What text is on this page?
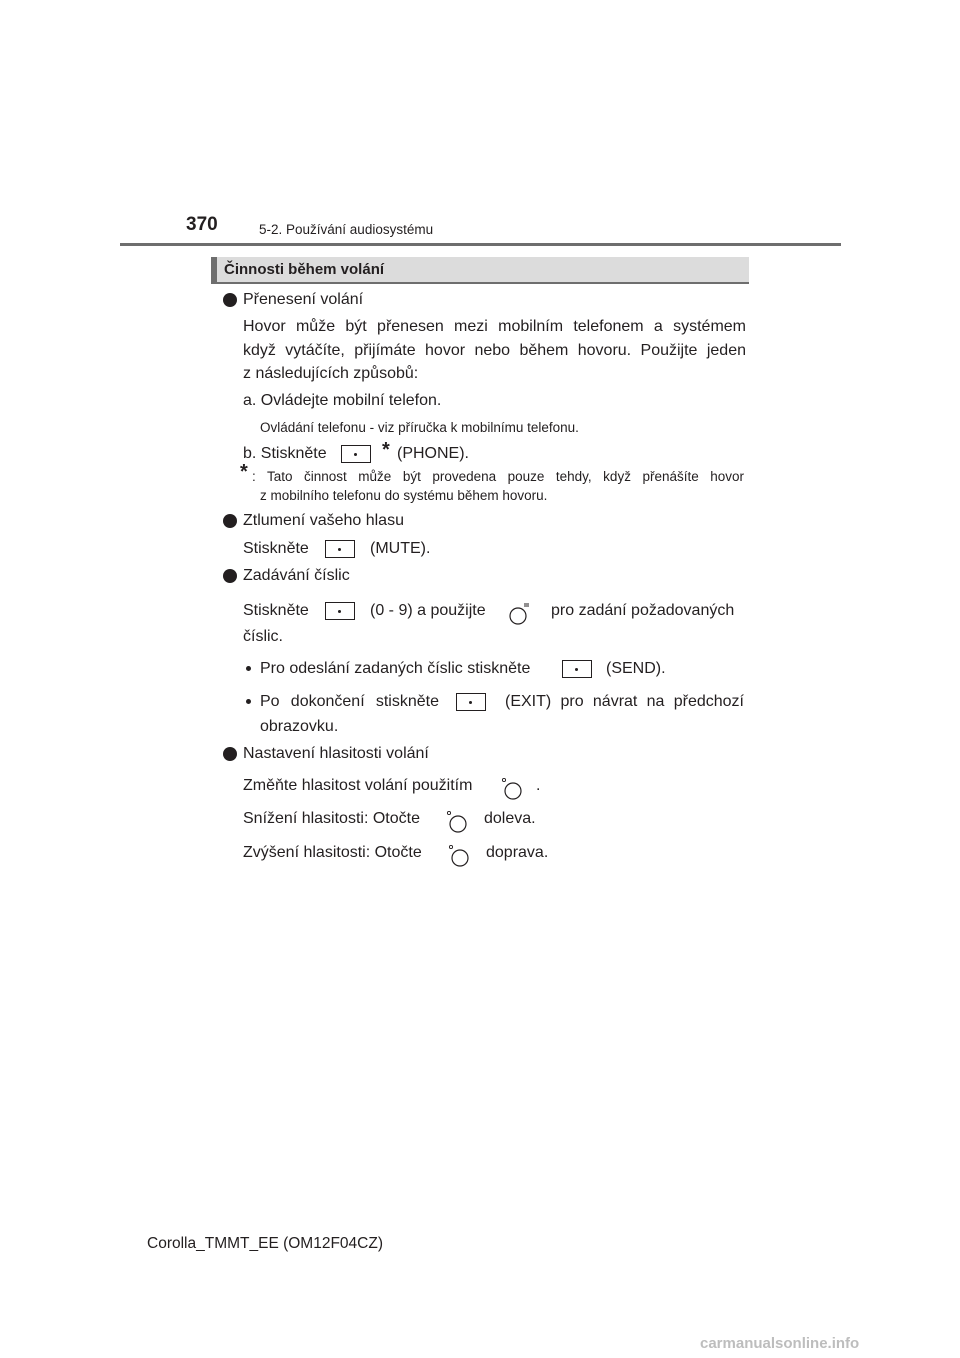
370	5-2. Používání audiosystému
Činnosti během volání
Přenesení volání
Hovor může být přenesen mezi mobilním telefonem a systémem
když vytáčíte, přijímáte hovor nebo během hovoru. Použijte jeden
z následujících způsobů:
a. Ovládejte mobilní telefon.
Ovládání telefonu - viz příručka k mobilnímu telefonu.
b. Stiskněte	* (PHONE).
* : Tato činnost může být provedena pouze tehdy, když přenášíte hovor
z mobilního telefonu do systému během hovoru.
Ztlumení vašeho hlasu
Stiskněte	(MUTE).
Zadávání číslic
Stiskněte	(0 - 9) a použijte	pro zadání požadovaných
číslic.
Pro odeslání zadaných číslic stiskněte	(SEND).
Po dokončení stiskněte	(EXIT) pro návrat na předchozí
obrazovku.
Nastavení hlasitosti volání
Změňte hlasitost volání použitím	.
Snížení hlasitosti: Otočte	doleva.
Zvýšení hlasitosti: Otočte	doprava.
Corolla_TMMT_EE (OM12F04CZ)
carmanualsonline.info
